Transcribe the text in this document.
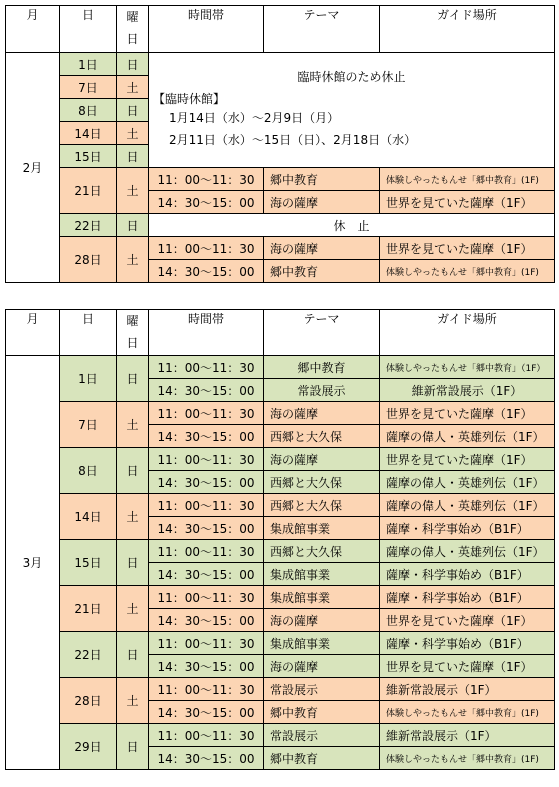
月	日	曜
日	時間帯	テーマ	ガイド場所
2月	1日	日	臨時休館のため休止
【臨時休館】
1月14日（水）～2月9日（月）
2月11日（水）～15日（日）、2月18日（水）		

	7日	土			
	8日	日			
	14日	土			
	15日	日			
	21日	土	11：00～11：30	郷中教育	体験しやったもんせ「郷中教育」(1F)
			14：30～15：00	海の薩摩	世界を見ていた薩摩（1F）
	22日	日	休　止		
	28日	土	11：00～11：30	海の薩摩	世界を見ていた薩摩（1F）
			14：30～15：00	郷中教育	体験しやったもんせ「郷中教育」(1F)
月	日	曜
日	時間帯	テーマ	ガイド場所
3月	1日	日	11：00～11：30	郷中教育	体験しやったもんせ「郷中教育」（1F）
			14：30～15：00	常設展示	維新常設展示（1F）
	7日	土	11：00～11：30	海の薩摩	世界を見ていた薩摩（1F）
			14：30～15：00	西郷と大久保	薩摩の偉人・英雄列伝（1F）
	8日	日	11：00～11：30	海の薩摩	世界を見ていた薩摩（1F）
			14：30～15：00	西郷と大久保	薩摩の偉人・英雄列伝（1F）
	14日	土	11：00～11：30	西郷と大久保	薩摩の偉人・英雄列伝（1F）
			14：30～15：00	集成館事業	薩摩・科学事始め（B1F）
	15日	日	11：00～11：30	西郷と大久保	薩摩の偉人・英雄列伝（1F）
			14：30～15：00	集成館事業	薩摩・科学事始め（B1F）
	21日	土	11：00～11：30	集成館事業	薩摩・科学事始め（B1F）
			14：30～15：00	海の薩摩	世界を見ていた薩摩（1F）
	22日	日	11：00～11：30	集成館事業	薩摩・科学事始め（B1F）
			14：30～15：00	海の薩摩	世界を見ていた薩摩（1F）
	28日	土	11：00～11：30	常設展示	維新常設展示（1F）
			14：30～15：00	郷中教育	体験しやったもんせ「郷中教育」(1F)
	29日	日	11：00～11：30	常設展示	維新常設展示（1F）
			14：30～15：00	郷中教育	体験しやったもんせ「郷中教育」(1F)
